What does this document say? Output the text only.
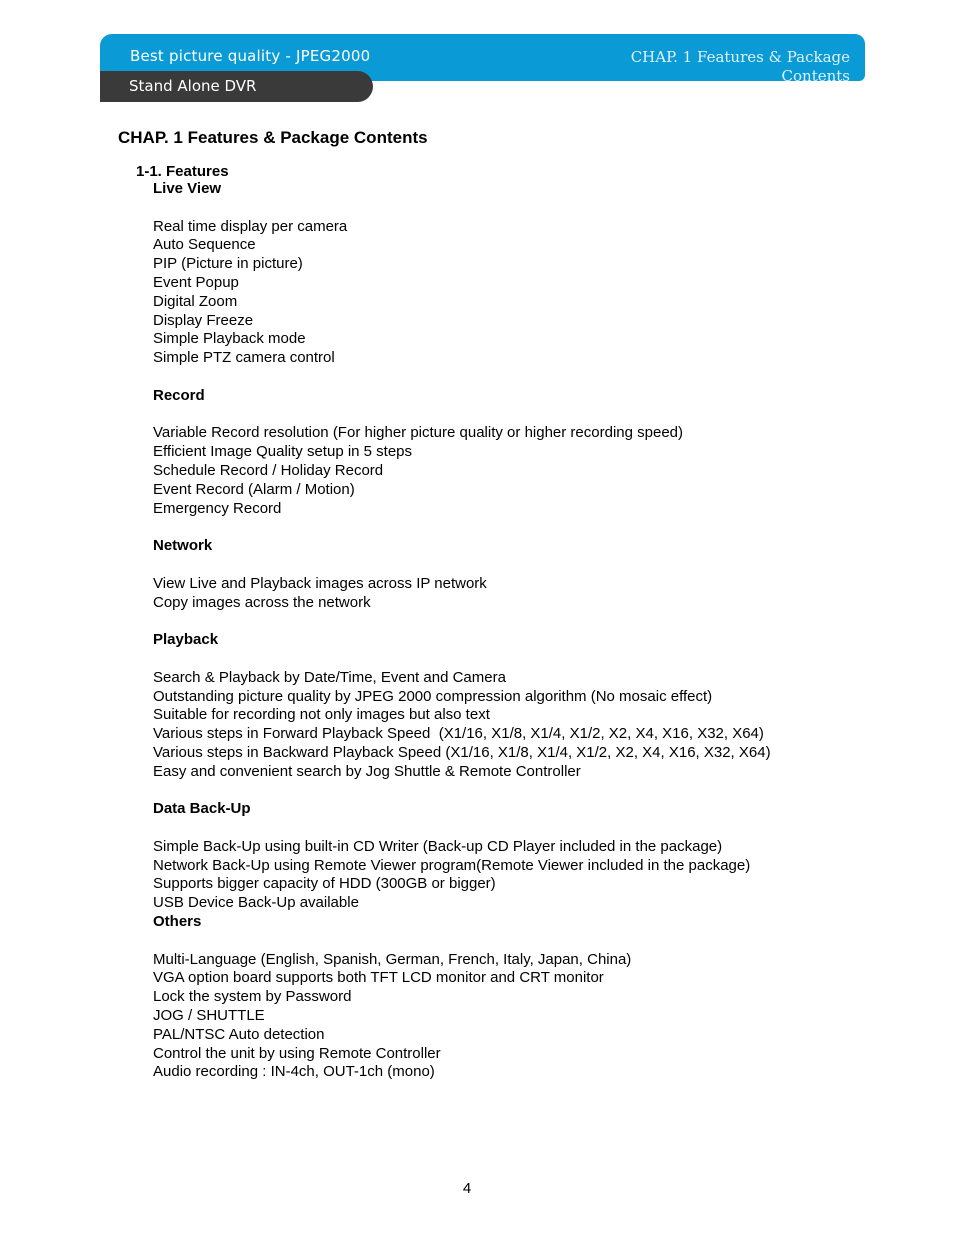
Best picture quality - JPEG2000	CHAP. 1 Features & Package Contents
Stand Alone DVR
CHAP. 1 Features & Package Contents
1-1. Features
Live View
Real time display per camera
Auto Sequence
PIP (Picture in picture)
Event Popup
Digital Zoom
Display Freeze
Simple Playback mode
Simple PTZ camera control
Record
Variable Record resolution (For higher picture quality or higher recording speed)
Efficient Image Quality setup in 5 steps
Schedule Record / Holiday Record
Event Record (Alarm / Motion)
Emergency Record
Network
View Live and Playback images across IP network
Copy images across the network
Playback
Search & Playback by Date/Time, Event and Camera
Outstanding picture quality by JPEG 2000 compression algorithm (No mosaic effect)
Suitable for recording not only images but also text
Various steps in Forward Playback Speed  (X1/16, X1/8, X1/4, X1/2, X2, X4, X16, X32, X64)
Various steps in Backward Playback Speed (X1/16, X1/8, X1/4, X1/2, X2, X4, X16, X32, X64)
Easy and convenient search by Jog Shuttle & Remote Controller
Data Back-Up
Simple Back-Up using built-in CD Writer (Back-up CD Player included in the package)
Network Back-Up using Remote Viewer program(Remote Viewer included in the package)
Supports bigger capacity of HDD (300GB or bigger)
USB Device Back-Up available
Others
Multi-Language (English, Spanish, German, French, Italy, Japan, China)
VGA option board supports both TFT LCD monitor and CRT monitor
Lock the system by Password
JOG / SHUTTLE
PAL/NTSC Auto detection
Control the unit by using Remote Controller
Audio recording : IN-4ch, OUT-1ch (mono)
4
